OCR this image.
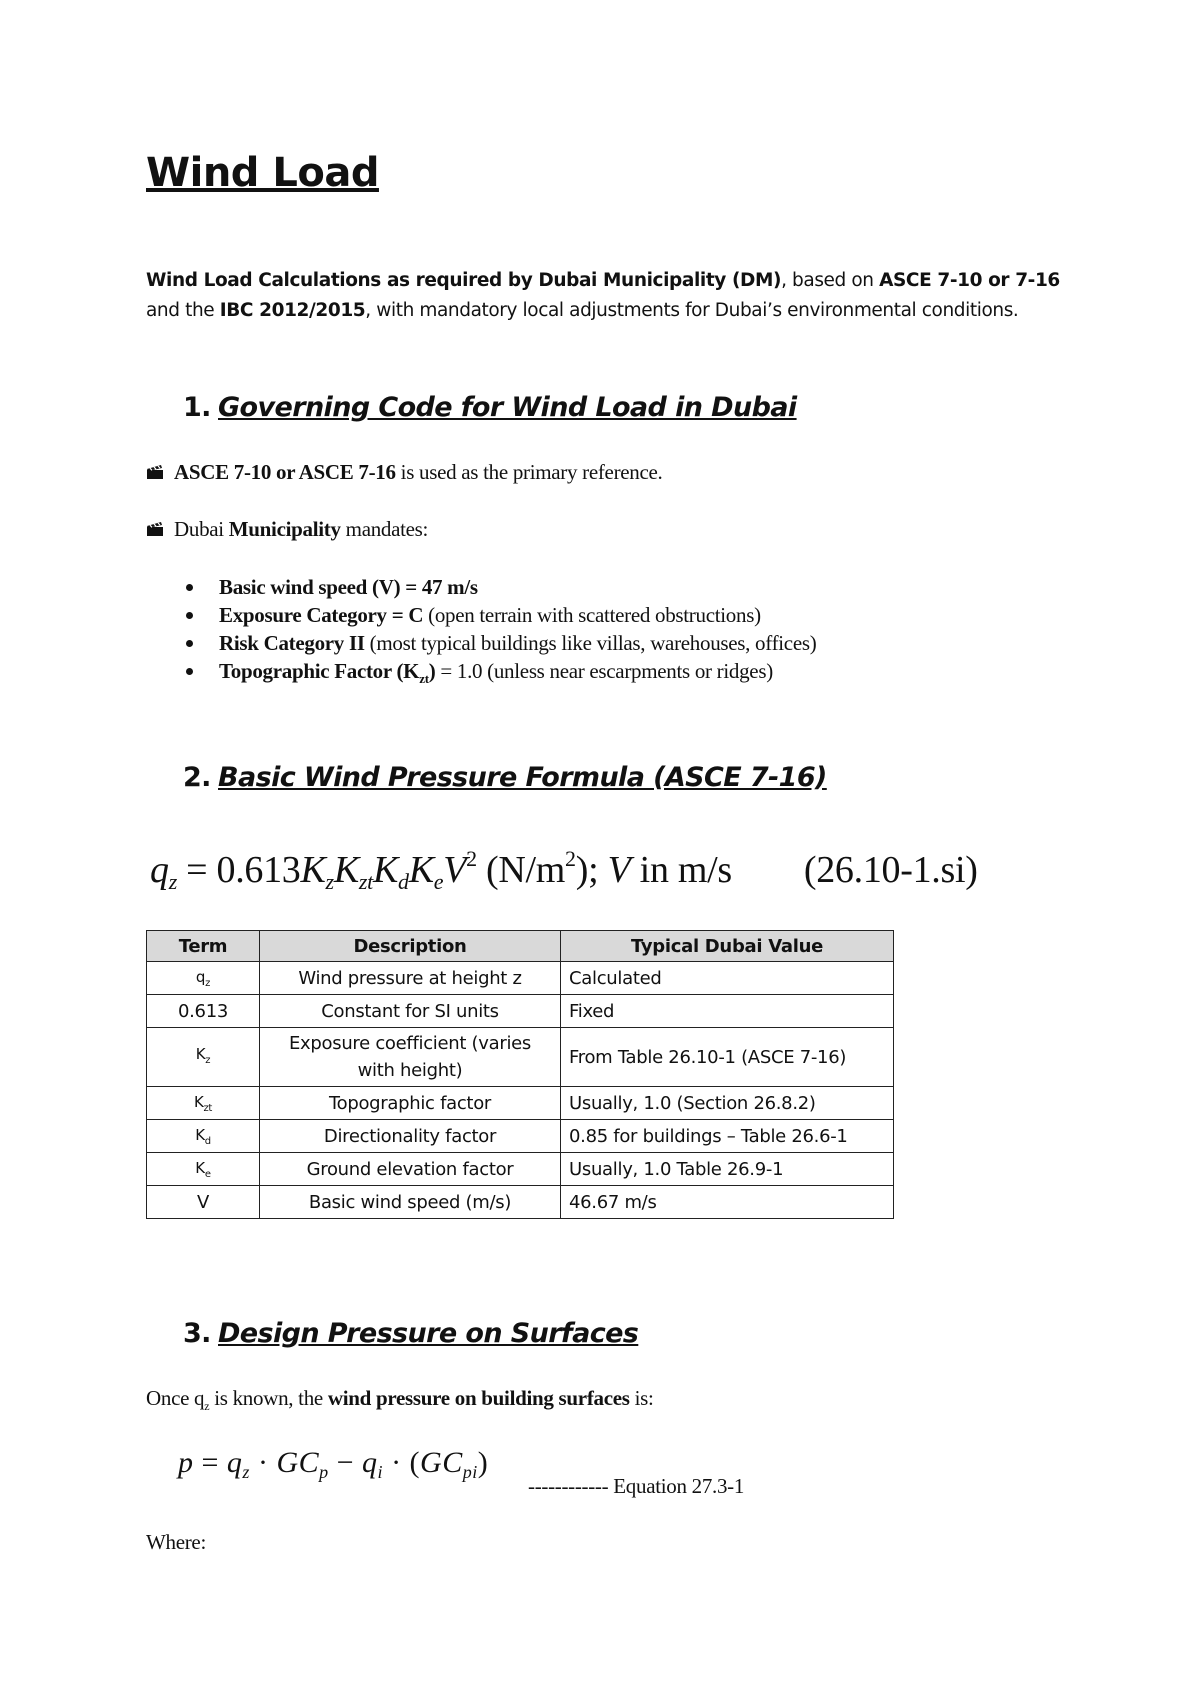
Wind Load
Wind Load Calculations as required by Dubai Municipality (DM), based on ASCE 7-10 or 7-16 and the IBC 2012/2015, with mandatory local adjustments for Dubai’s environmental conditions.
1. Governing Code for Wind Load in Dubai
ASCE 7-10 or ASCE 7-16 is used as the primary reference.
Dubai Municipality mandates:
Basic wind speed (V) = 47 m/s
Exposure Category = C (open terrain with scattered obstructions)
Risk Category II (most typical buildings like villas, warehouses, offices)
Topographic Factor $(K_{zt}) = 1.0$ (unless near escarpments or ridges)
2. Basic Wind Pressure Formula (ASCE 7-16)
$q_z = 0.613K_zK_{zt}K_dK_eV^2$ $(N/m^2)$; V in m/s (26.10-1.si)
Term	Description	Typical Dubai Value
$q_z$	Wind pressure at height z	Calculated
0.613	Constant for SI units	Fixed
$K_z$	Exposure coefficient (varies with height)	From Table 26.10-1 (ASCE 7-16)
$K_{zt}$	Topographic factor	Usually, 1.0 (Section 26.8.2)
$K_d$	Directionality factor	0.85 for buildings – Table 26.6-1
$K_e$	Ground elevation factor	Usually, 1.0 Table 26.9-1
V	Basic wind speed (m/s)	46.67 m/s
3. Design Pressure on Surfaces
Once $q_z$ is known, the wind pressure on building surfaces is:
$p = q_z \cdot GC_p - q_i \cdot (GC_{pi})$
------------ Equation 27.3-1
Where:
